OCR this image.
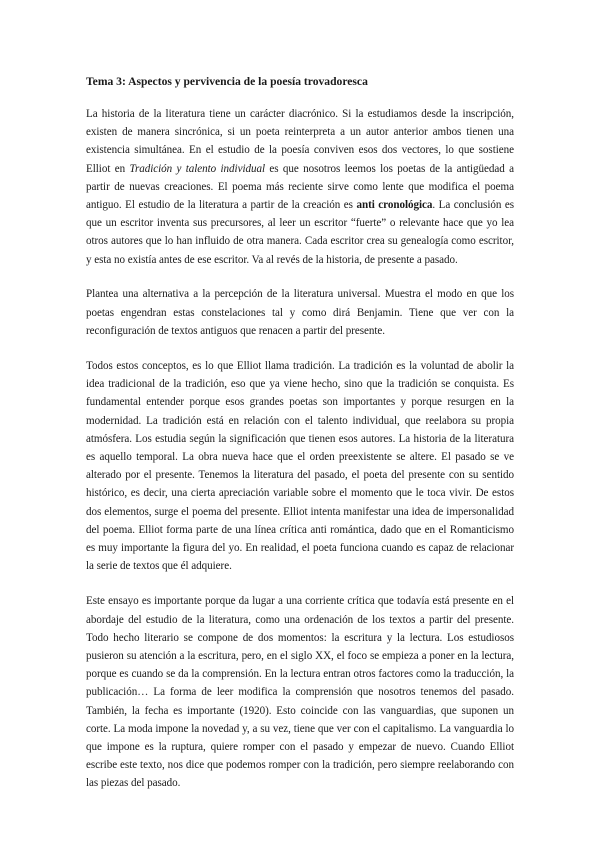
Tema 3: Aspectos y pervivencia de la poesía trovadoresca

La historia de la literatura tiene un carácter diacrónico. Si la estudiamos desde la inscripción, existen de manera sincrónica, si un poeta reinterpreta a un autor anterior ambos tienen una existencia simultánea. En el estudio de la poesía conviven esos dos vectores, lo que sostiene Elliot en Tradición y talento individual es que nosotros leemos los poetas de la antigüedad a partir de nuevas creaciones. El poema más reciente sirve como lente que modifica el poema antiguo. El estudio de la literatura a partir de la creación es anti cronológica. La conclusión es que un escritor inventa sus precursores, al leer un escritor “fuerte” o relevante hace que yo lea otros autores que lo han influido de otra manera. Cada escritor crea su genealogía como escritor, y esta no existía antes de ese escritor. Va al revés de la historia, de presente a pasado.

Plantea una alternativa a la percepción de la literatura universal. Muestra el modo en que los poetas engendran estas constelaciones tal y como dirá Benjamin. Tiene que ver con la reconfiguración de textos antiguos que renacen a partir del presente.

Todos estos conceptos, es lo que Elliot llama tradición. La tradición es la voluntad de abolir la idea tradicional de la tradición, eso que ya viene hecho, sino que la tradición se conquista. Es fundamental entender porque esos grandes poetas son importantes y porque resurgen en la modernidad. La tradición está en relación con el talento individual, que reelabora su propia atmósfera. Los estudia según la significación que tienen esos autores. La historia de la literatura es aquello temporal. La obra nueva hace que el orden preexistente se altere. El pasado se ve alterado por el presente. Tenemos la literatura del pasado, el poeta del presente con su sentido histórico, es decir, una cierta apreciación variable sobre el momento que le toca vivir. De estos dos elementos, surge el poema del presente. Elliot intenta manifestar una idea de impersonalidad del poema. Elliot forma parte de una línea crítica anti romántica, dado que en el Romanticismo es muy importante la figura del yo. En realidad, el poeta funciona cuando es capaz de relacionar la serie de textos que él adquiere.

Este ensayo es importante porque da lugar a una corriente crítica que todavía está presente en el abordaje del estudio de la literatura, como una ordenación de los textos a partir del presente. Todo hecho literario se compone de dos momentos: la escritura y la lectura. Los estudiosos pusieron su atención a la escritura, pero, en el siglo XX, el foco se empieza a poner en la lectura, porque es cuando se da la comprensión. En la lectura entran otros factores como la traducción, la publicación… La forma de leer modifica la comprensión que nosotros tenemos del pasado. También, la fecha es importante (1920). Esto coincide con las vanguardias, que suponen un corte. La moda impone la novedad y, a su vez, tiene que ver con el capitalismo. La vanguardia lo que impone es la ruptura, quiere romper con el pasado y empezar de nuevo. Cuando Elliot escribe este texto, nos dice que podemos romper con la tradición, pero siempre reelaborando con las piezas del pasado.
